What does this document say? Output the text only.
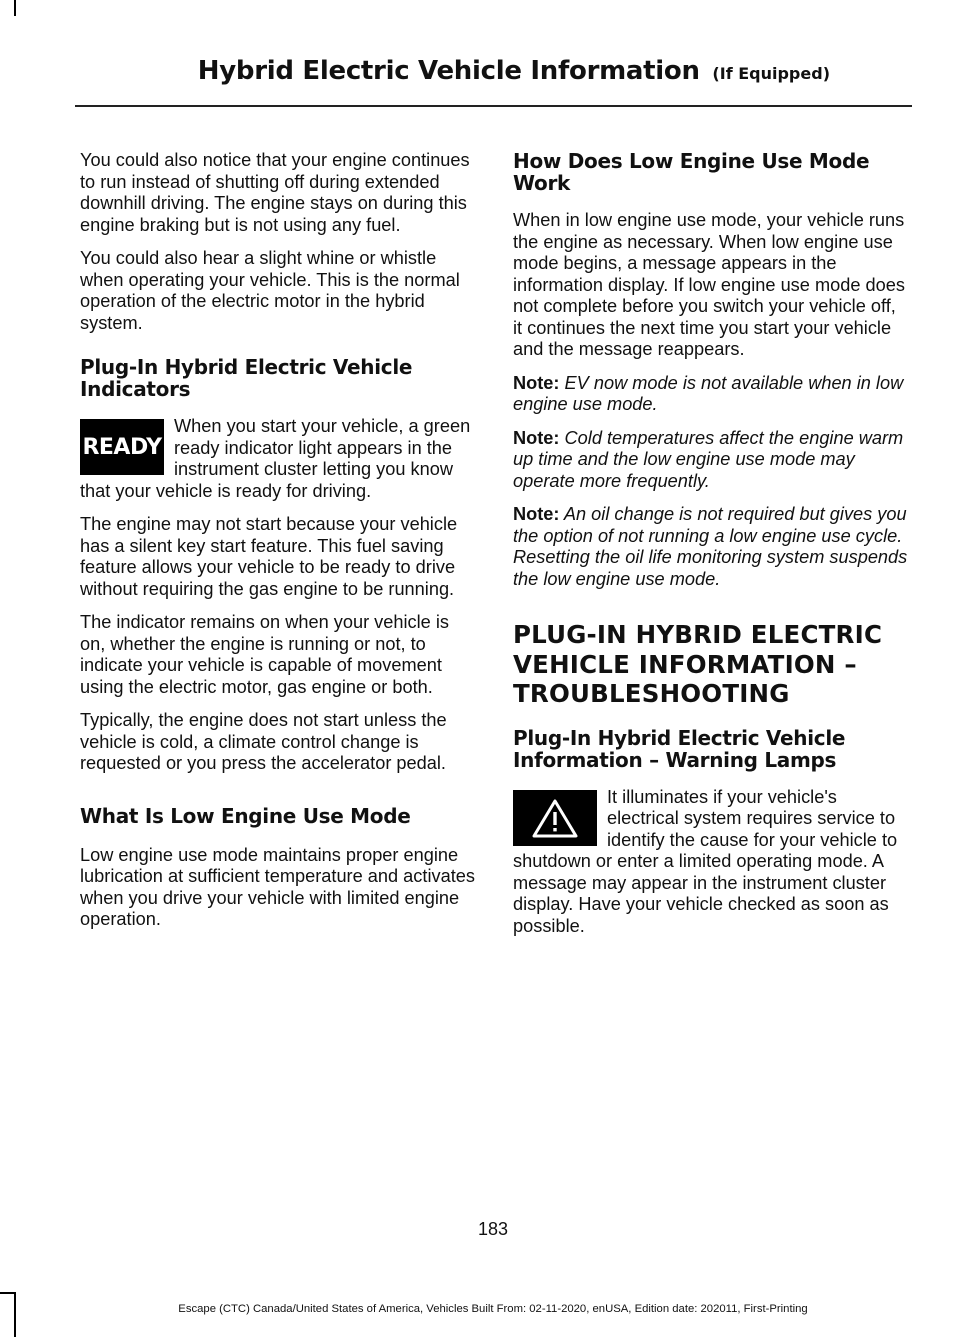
Hybrid Electric Vehicle Information (If Equipped)

You could also notice that your engine continues to run instead of shutting off during extended downhill driving. The engine stays on during this engine braking but is not using any fuel.

You could also hear a slight whine or whistle when operating your vehicle. This is the normal operation of the electric motor in the hybrid system.

Plug-In Hybrid Electric Vehicle Indicators
READY

When you start your vehicle, a green ready indicator light appears in the instrument cluster letting you know that your vehicle is ready for driving.

The engine may not start because your vehicle has a silent key start feature. This fuel saving feature allows your vehicle to be ready to drive without requiring the gas engine to be running.

The indicator remains on when your vehicle is on, whether the engine is running or not, to indicate your vehicle is capable of movement using the electric motor, gas engine or both.

Typically, the engine does not start unless the vehicle is cold, a climate control change is requested or you press the accelerator pedal.

What Is Low Engine Use Mode

Low engine use mode maintains proper engine lubrication at sufficient temperature and activates when you drive your vehicle with limited engine operation.

How Does Low Engine Use Mode Work

When in low engine use mode, your vehicle runs the engine as necessary. When low engine use mode begins, a message appears in the information display. If low engine use mode does not complete before you switch your vehicle off, it continues the next time you start your vehicle and the message reappears.

Note: EV now mode is not available when in low engine use mode.

Note: Cold temperatures affect the engine warm up time and the low engine use mode may operate more frequently.

Note: An oil change is not required but gives you the option of not running a low engine use cycle. Resetting the oil life monitoring system suspends the low engine use mode.

PLUG-IN HYBRID ELECTRIC
VEHICLE INFORMATION –
TROUBLESHOOTING
Plug-In Hybrid Electric Vehicle Information – Warning Lamps

It illuminates if your vehicle's electrical system requires service to identify the cause for your vehicle to shutdown or enter a limited operating mode. A message may appear in the instrument cluster display. Have your vehicle checked as soon as possible.

183
Escape (CTC) Canada/United States of America, Vehicles Built From: 02-11-2020, enUSA, Edition date: 202011, First-Printing
